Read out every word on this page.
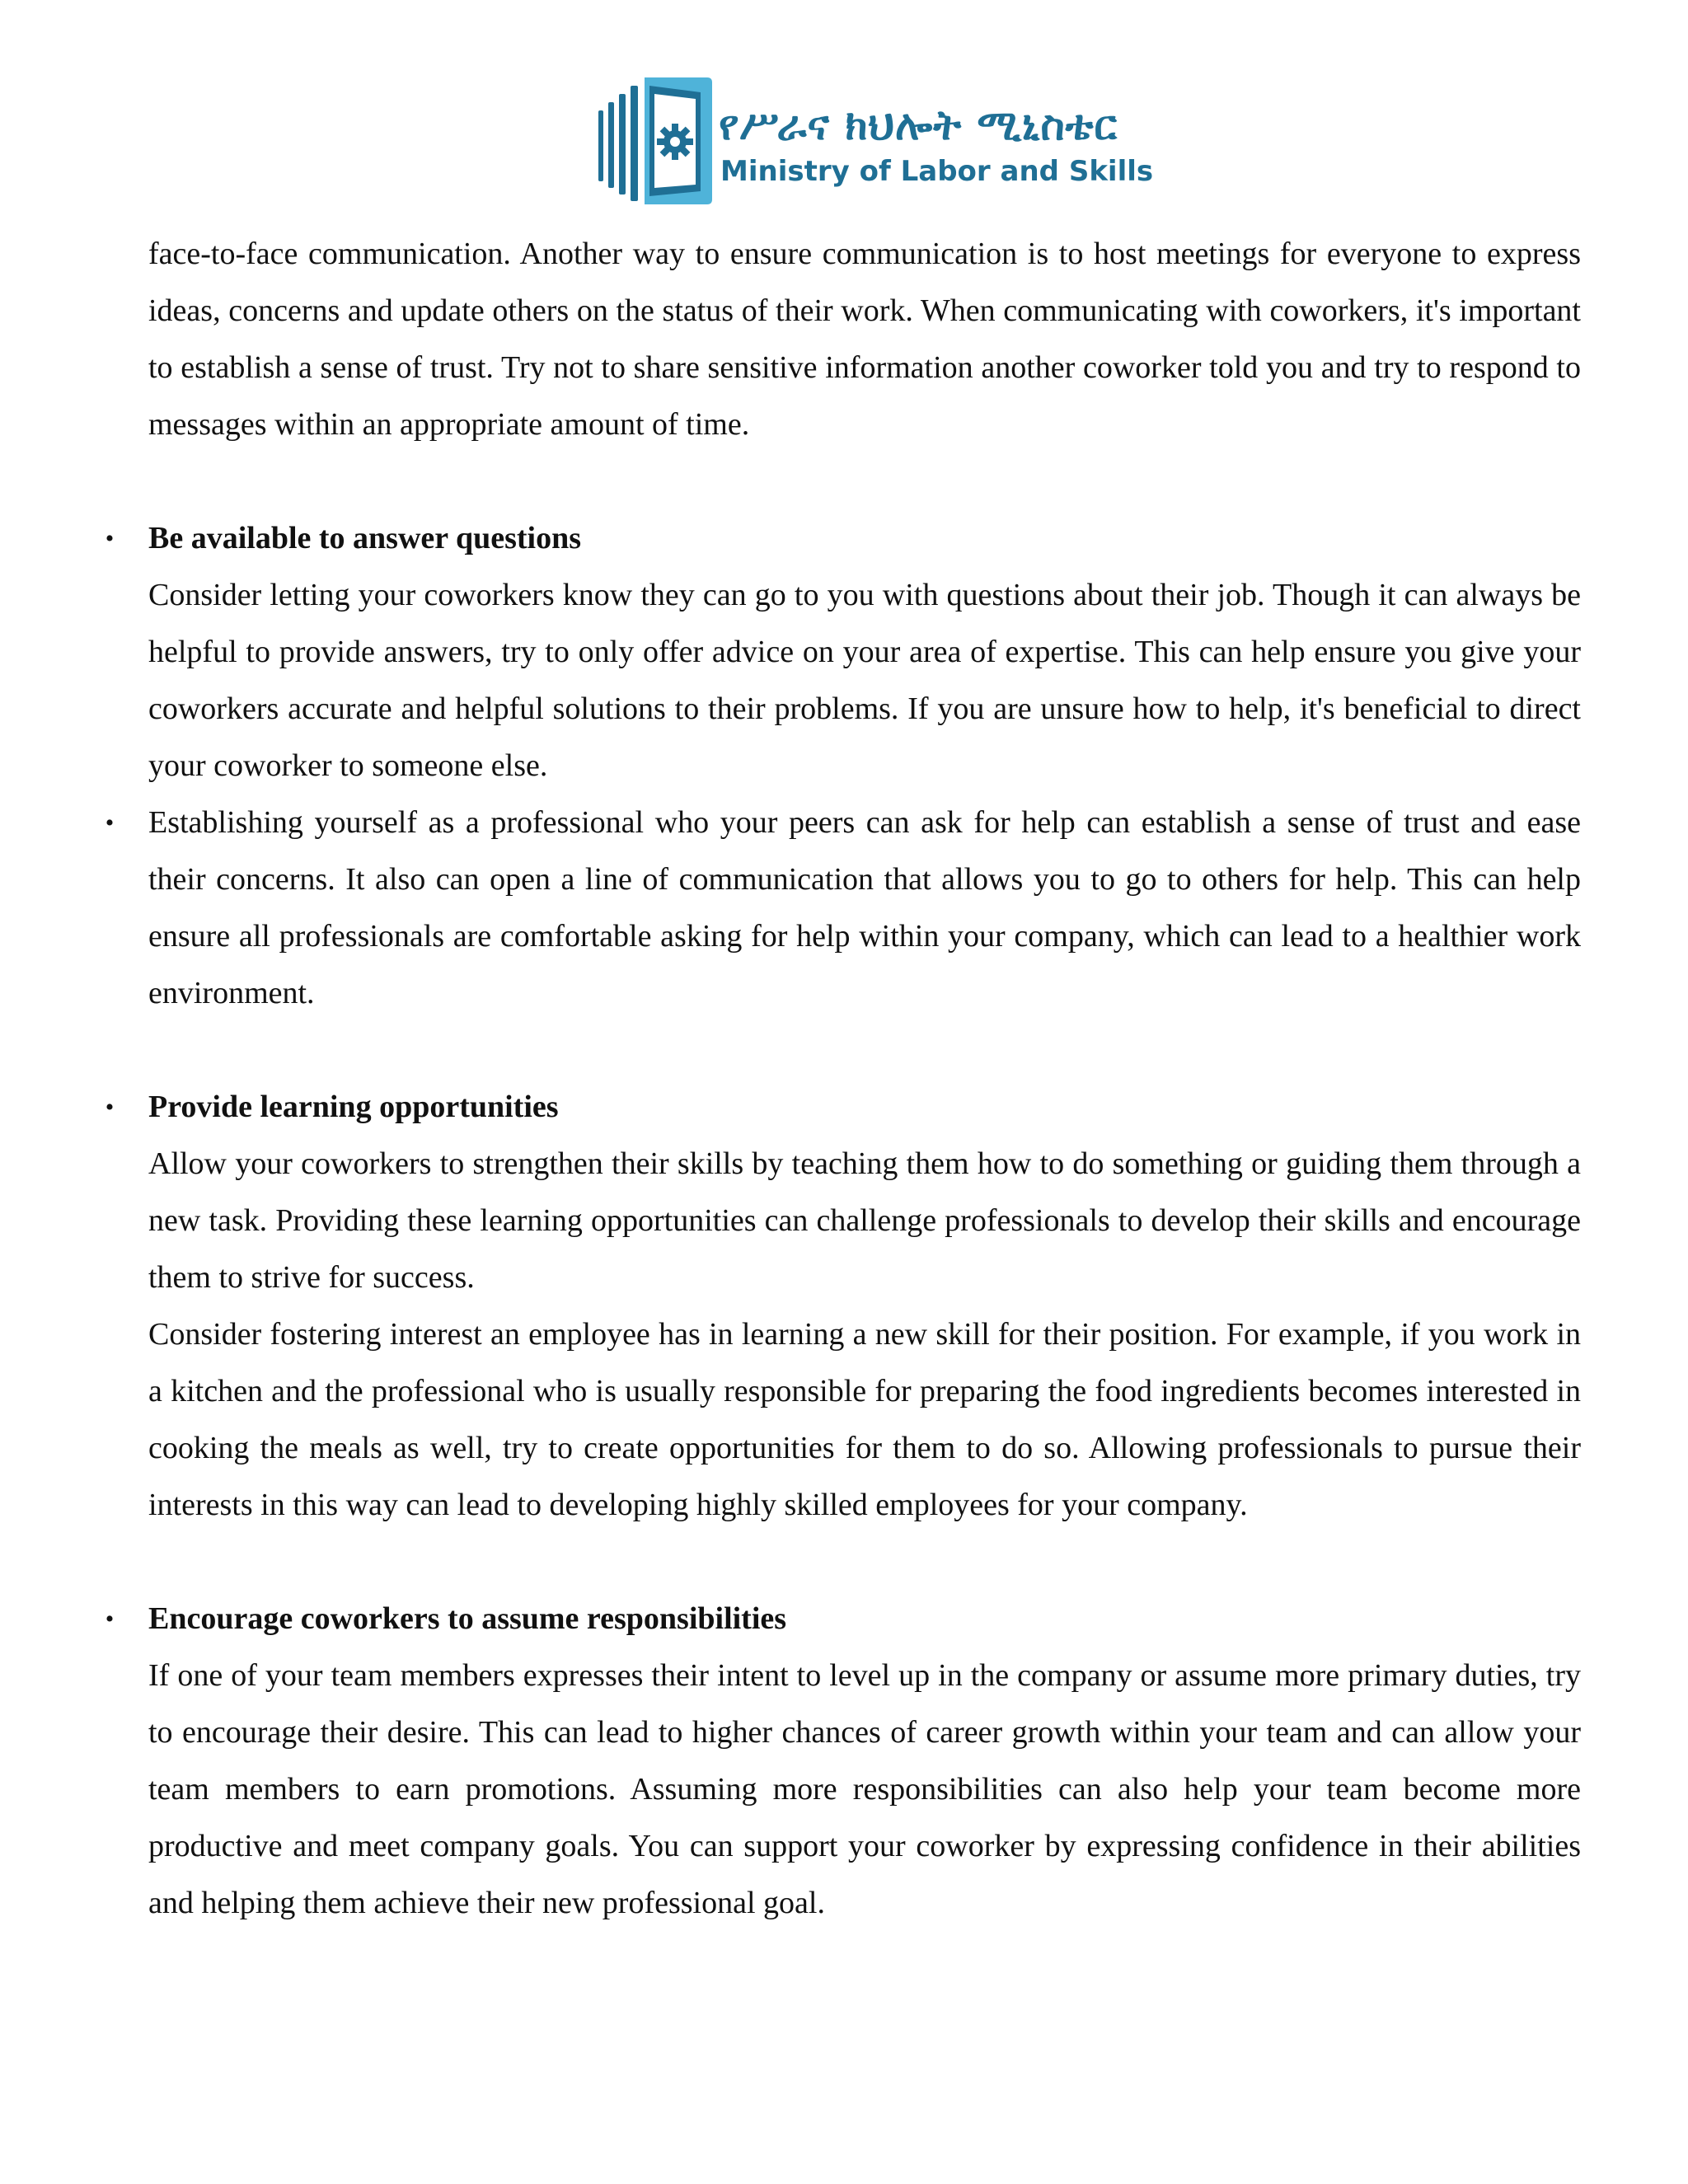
የሥራና ክህሎት ሚኒስቴር
Ministry of Labor and Skills

face-to-face communication. Another way to ensure communication is to host meetings for everyone to express ideas, concerns and update others on the status of their work. When communicating with coworkers, it's important to establish a sense of trust. Try not to share sensitive information another coworker told you and try to respond to messages within an appropriate amount of time.

• Be available to answer questions

Consider letting your coworkers know they can go to you with questions about their job. Though it can always be helpful to provide answers, try to only offer advice on your area of expertise. This can help ensure you give your coworkers accurate and helpful solutions to their problems. If you are unsure how to help, it's beneficial to direct your coworker to someone else.

• Establishing yourself as a professional who your peers can ask for help can establish a sense of trust and ease their concerns. It also can open a line of communication that allows you to go to others for help. This can help ensure all professionals are comfortable asking for help within your company, which can lead to a healthier work environment.

• Provide learning opportunities

Allow your coworkers to strengthen their skills by teaching them how to do something or guiding them through a new task. Providing these learning opportunities can challenge professionals to develop their skills and encourage them to strive for success.

Consider fostering interest an employee has in learning a new skill for their position. For example, if you work in a kitchen and the professional who is usually responsible for preparing the food ingredients becomes interested in cooking the meals as well, try to create opportunities for them to do so. Allowing professionals to pursue their interests in this way can lead to developing highly skilled employees for your company.

• Encourage coworkers to assume responsibilities

If one of your team members expresses their intent to level up in the company or assume more primary duties, try to encourage their desire. This can lead to higher chances of career growth within your team and can allow your team members to earn promotions. Assuming more responsibilities can also help your team become more productive and meet company goals. You can support your coworker by expressing confidence in their abilities and helping them achieve their new professional goal.
